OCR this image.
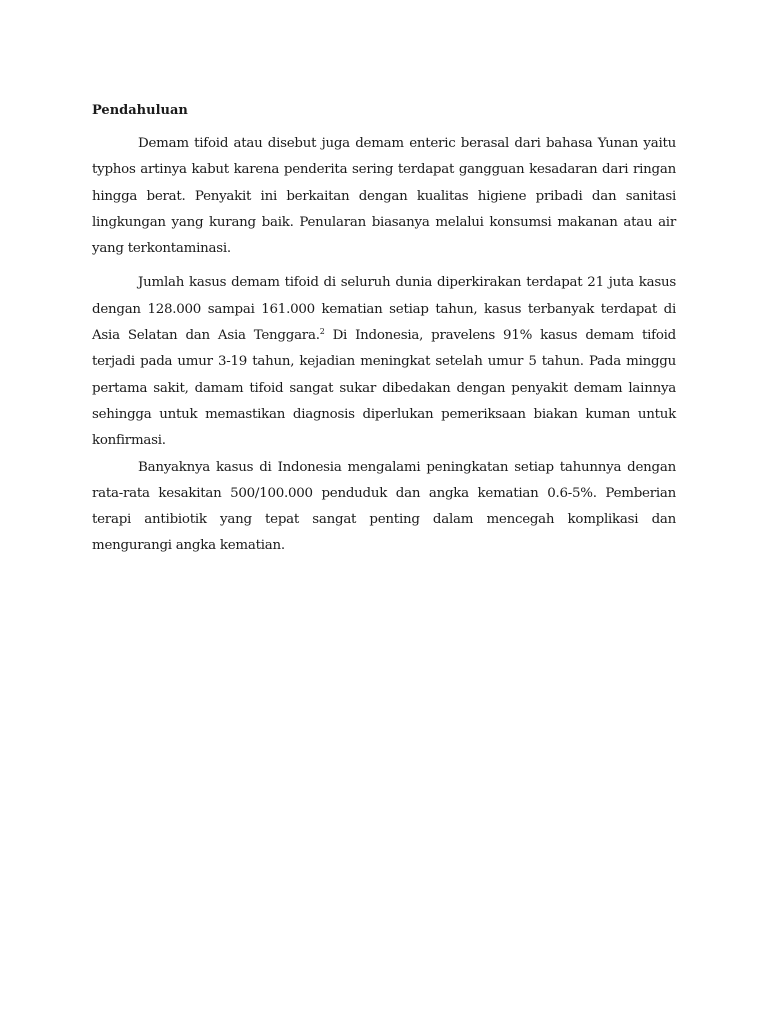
Pendahuluan

Demam tifoid atau disebut juga demam enteric berasal dari bahasa Yunan yaitu typhos artinya kabut karena penderita sering terdapat gangguan kesadaran dari ringan hingga berat. Penyakit ini berkaitan dengan kualitas higiene pribadi dan sanitasi lingkungan yang kurang baik. Penularan biasanya melalui konsumsi makanan atau air yang terkontaminasi.

Jumlah kasus demam tifoid di seluruh dunia diperkirakan terdapat 21 juta kasus dengan 128.000 sampai 161.000 kematian setiap tahun, kasus terbanyak terdapat di Asia Selatan dan Asia Tenggara.$^2$ Di Indonesia, pravelens 91% kasus demam tifoid terjadi pada umur 3-19 tahun, kejadian meningkat setelah umur 5 tahun. Pada minggu pertama sakit, damam tifoid sangat sukar dibedakan dengan penyakit demam lainnya sehingga untuk memastikan diagnosis diperlukan pemeriksaan biakan kuman untuk konfirmasi.

Banyaknya kasus di Indonesia mengalami peningkatan setiap tahunnya dengan rata-rata kesakitan 500/100.000 penduduk dan angka kematian 0.6-5%. Pemberian terapi antibiotik yang tepat sangat penting dalam mencegah komplikasi dan mengurangi angka kematian.
